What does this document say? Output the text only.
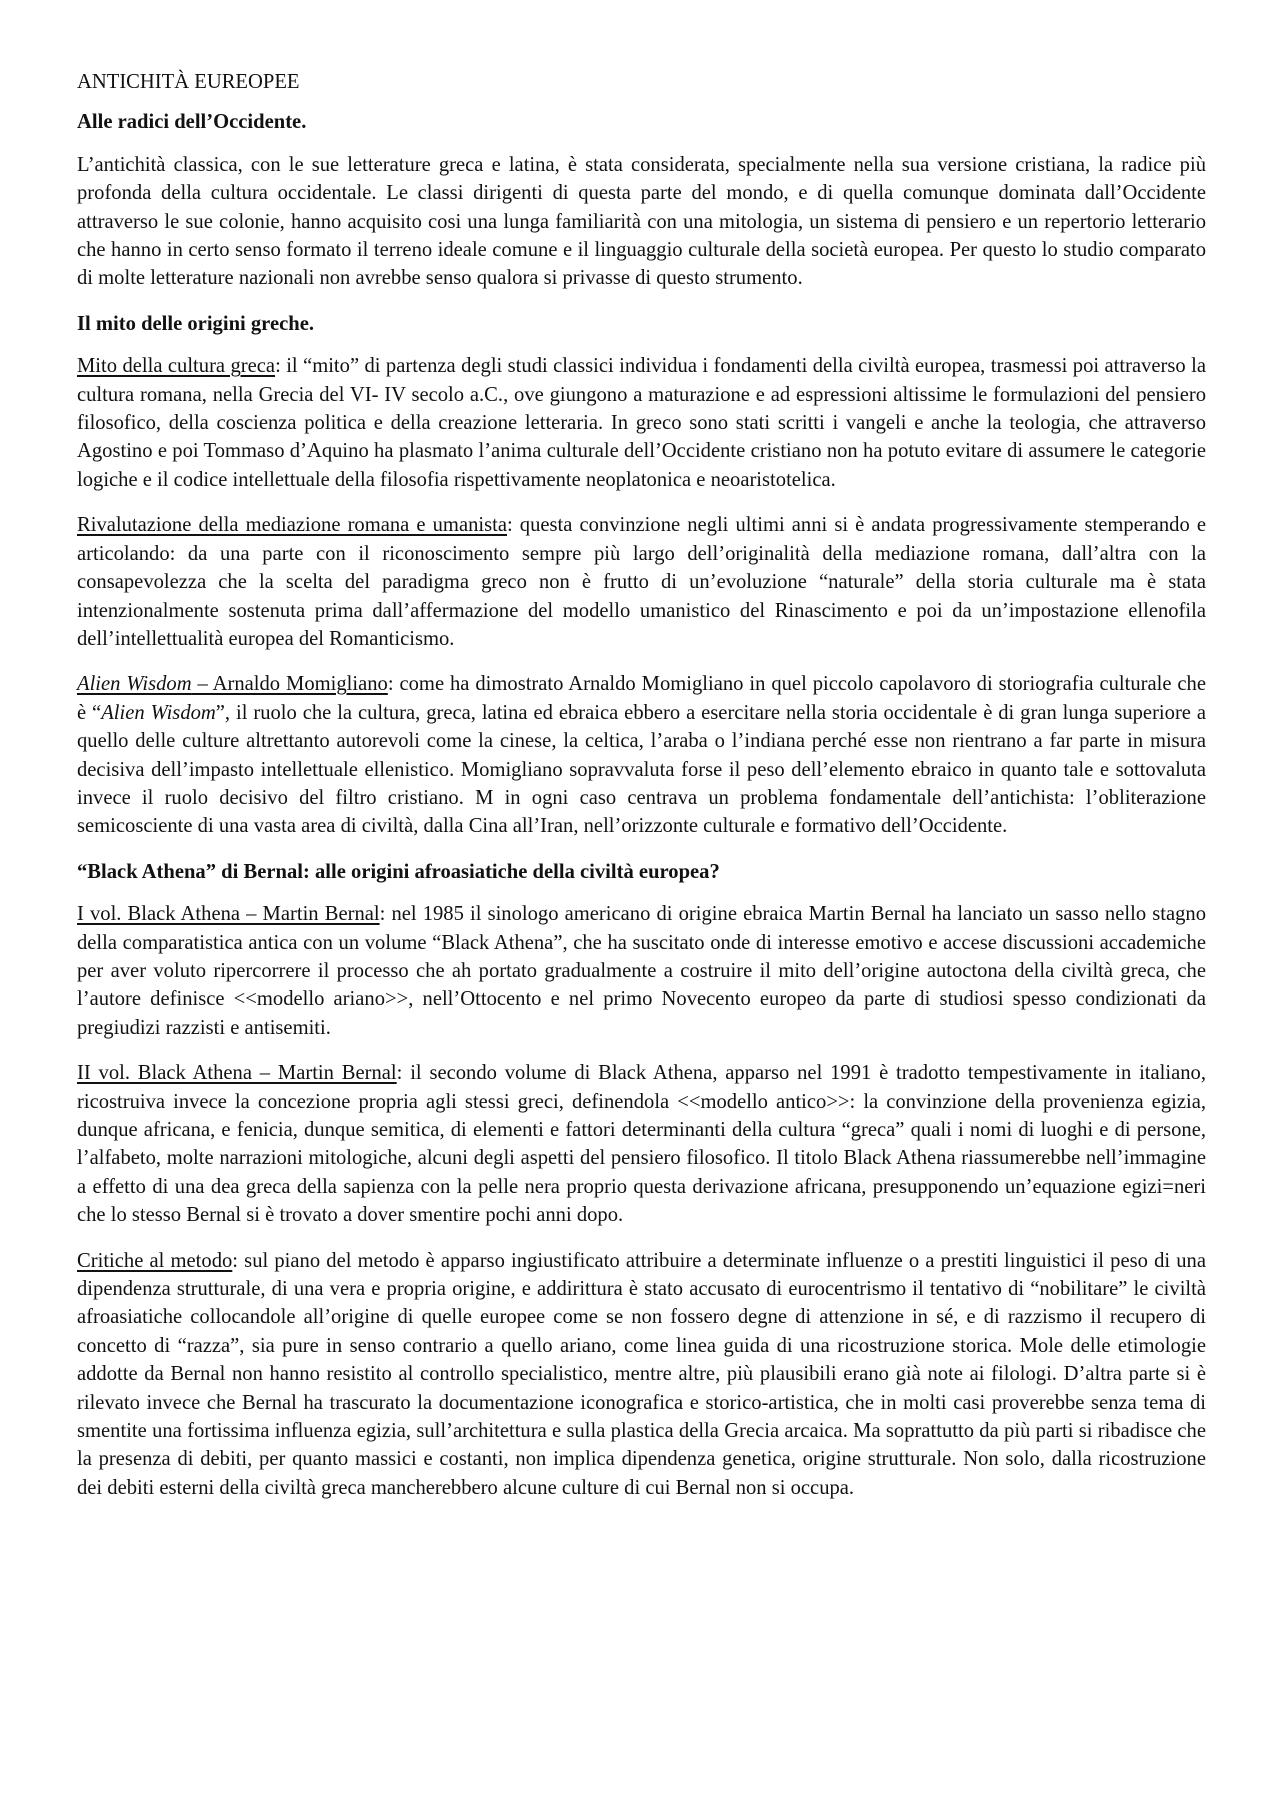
ANTICHITÀ EUREOPEE
Alle radici dell’Occidente.

L’antichità classica, con le sue letterature greca e latina, è stata considerata, specialmente nella sua versione cristiana, la radice più profonda della cultura occidentale. Le classi dirigenti di questa parte del mondo, e di quella comunque dominata dall’Occidente attraverso le sue colonie, hanno acquisito cosi una lunga familiarità con una mitologia, un sistema di pensiero e un repertorio letterario che hanno in certo senso formato il terreno ideale comune e il linguaggio culturale della società europea. Per questo lo studio comparato di molte letterature nazionali non avrebbe senso qualora si privasse di questo strumento.

Il mito delle origini greche.

Mito della cultura greca: il “mito” di partenza degli studi classici individua i fondamenti della civiltà europea, trasmessi poi attraverso la cultura romana, nella Grecia del VI- IV secolo a.C., ove giungono a maturazione e ad espressioni altissime le formulazioni del pensiero filosofico, della coscienza politica e della creazione letteraria. In greco sono stati scritti i vangeli e anche la teologia, che attraverso Agostino e poi Tommaso d’Aquino ha plasmato l’anima culturale dell’Occidente cristiano non ha potuto evitare di assumere le categorie logiche e il codice intellettuale della filosofia rispettivamente neoplatonica e neoaristotelica.

Rivalutazione della mediazione romana e umanista: questa convinzione negli ultimi anni si è andata progressivamente stemperando e articolando: da una parte con il riconoscimento sempre più largo dell’originalità della mediazione romana, dall’altra con la consapevolezza che la scelta del paradigma greco non è frutto di un’evoluzione “naturale” della storia culturale ma è stata intenzionalmente sostenuta prima dall’affermazione del modello umanistico del Rinascimento e poi da un’impostazione ellenofila dell’intellettualità europea del Romanticismo.

Alien Wisdom – Arnaldo Momigliano: come ha dimostrato Arnaldo Momigliano in quel piccolo capolavoro di storiografia culturale che è “Alien Wisdom”, il ruolo che la cultura, greca, latina ed ebraica ebbero a esercitare nella storia occidentale è di gran lunga superiore a quello delle culture altrettanto autorevoli come la cinese, la celtica, l’araba o l’indiana perché esse non rientrano a far parte in misura decisiva dell’impasto intellettuale ellenistico. Momigliano sopravvaluta forse il peso dell’elemento ebraico in quanto tale e sottovaluta invece il ruolo decisivo del filtro cristiano. M in ogni caso centrava un problema fondamentale dell’antichista: l’obliterazione semicosciente di una vasta area di civiltà, dalla Cina all’Iran, nell’orizzonte culturale e formativo dell’Occidente.

“Black Athena” di Bernal: alle origini afroasiatiche della civiltà europea?

I vol. Black Athena – Martin Bernal: nel 1985 il sinologo americano di origine ebraica Martin Bernal ha lanciato un sasso nello stagno della comparatistica antica con un volume “Black Athena”, che ha suscitato onde di interesse emotivo e accese discussioni accademiche per aver voluto ripercorrere il processo che ah portato gradualmente a costruire il mito dell’origine autoctona della civiltà greca, che l’autore definisce <<modello ariano>>, nell’Ottocento e nel primo Novecento europeo da parte di studiosi spesso condizionati da pregiudizi razzisti e antisemiti.

II vol. Black Athena – Martin Bernal: il secondo volume di Black Athena, apparso nel 1991 è tradotto tempestivamente in italiano, ricostruiva invece la concezione propria agli stessi greci, definendola <<modello antico>>: la convinzione della provenienza egizia, dunque africana, e fenicia, dunque semitica, di elementi e fattori determinanti della cultura “greca” quali i nomi di luoghi e di persone, l’alfabeto, molte narrazioni mitologiche, alcuni degli aspetti del pensiero filosofico. Il titolo Black Athena riassumerebbe nell’immagine a effetto di una dea greca della sapienza con la pelle nera proprio questa derivazione africana, presupponendo un’equazione egizi=neri che lo stesso Bernal si è trovato a dover smentire pochi anni dopo.

Critiche al metodo: sul piano del metodo è apparso ingiustificato attribuire a determinate influenze o a prestiti linguistici il peso di una dipendenza strutturale, di una vera e propria origine, e addirittura è stato accusato di eurocentrismo il tentativo di “nobilitare” le civiltà afroasiatiche collocandole all’origine di quelle europee come se non fossero degne di attenzione in sé, e di razzismo il recupero di concetto di “razza”, sia pure in senso contrario a quello ariano, come linea guida di una ricostruzione storica. Mole delle etimologie addotte da Bernal non hanno resistito al controllo specialistico, mentre altre, più plausibili erano già note ai filologi. D’altra parte si è rilevato invece che Bernal ha trascurato la documentazione iconografica e storico-artistica, che in molti casi proverebbe senza tema di smentite una fortissima influenza egizia, sull’architettura e sulla plastica della Grecia arcaica. Ma soprattutto da più parti si ribadisce che la presenza di debiti, per quanto massici e costanti, non implica dipendenza genetica, origine strutturale. Non solo, dalla ricostruzione dei debiti esterni della civiltà greca mancherebbero alcune culture di cui Bernal non si occupa.
